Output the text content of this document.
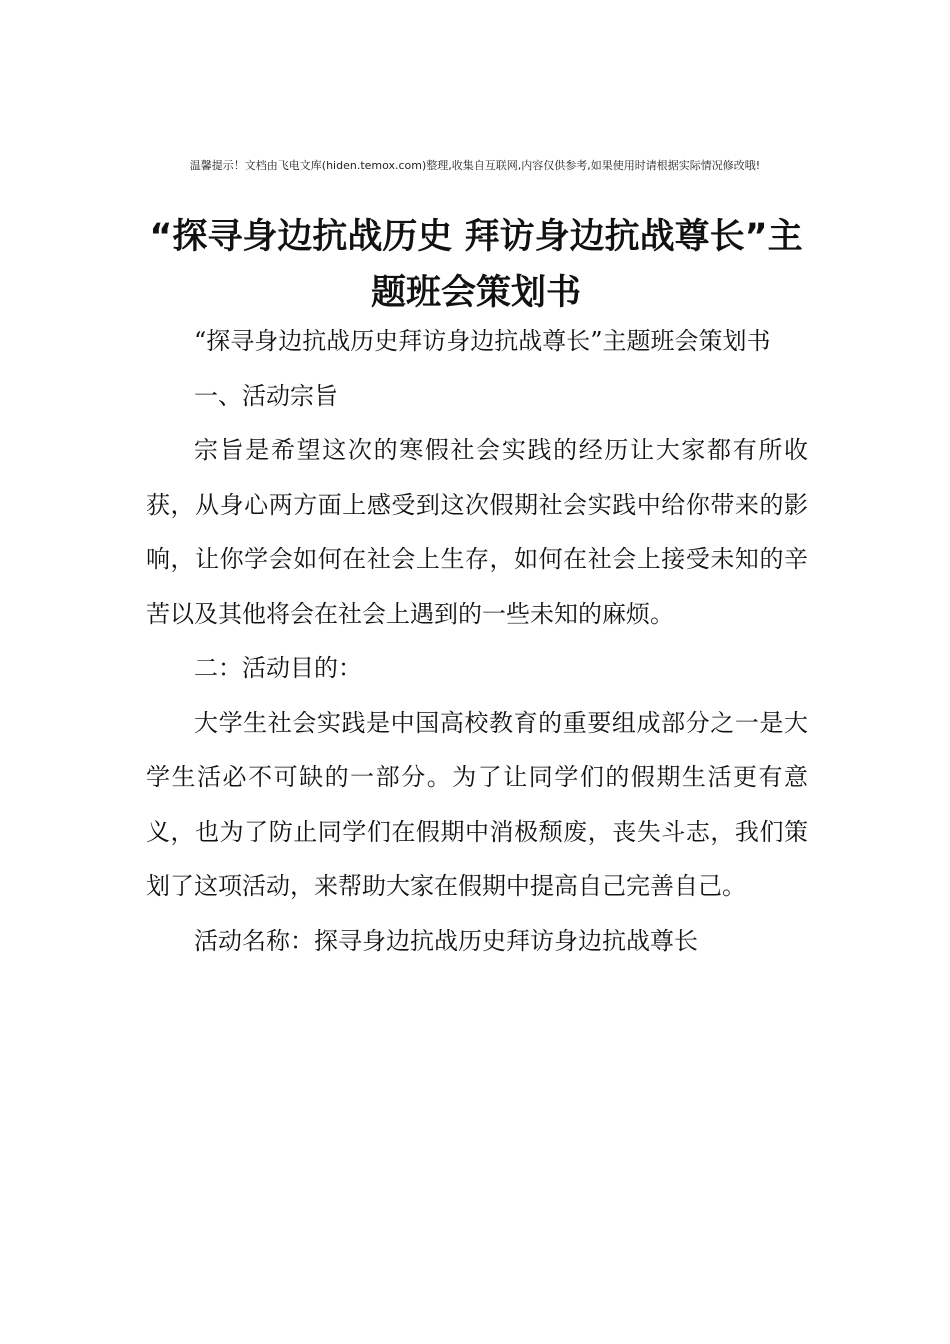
温馨提示！文档由飞电文库(hiden.temox.com)整理,收集自互联网,内容仅供参考,如果使用时请根据实际情况修改哦!
“探寻身边抗战历史 拜访身边抗战尊长”主题班会策划书

“探寻身边抗战历史拜访身边抗战尊长”主题班会策划书

一、活动宗旨

宗旨是希望这次的寒假社会实践的经历让大家都有所收获，从身心两方面上感受到这次假期社会实践中给你带来的影响，让你学会如何在社会上生存，如何在社会上接受未知的辛苦以及其他将会在社会上遇到的一些未知的麻烦。

二：活动目的：

大学生社会实践是中国高校教育的重要组成部分之一是大学生活必不可缺的一部分。为了让同学们的假期生活更有意义，也为了防止同学们在假期中消极颓废，丧失斗志，我们策划了这项活动，来帮助大家在假期中提高自己完善自己。

活动名称：探寻身边抗战历史拜访身边抗战尊长
